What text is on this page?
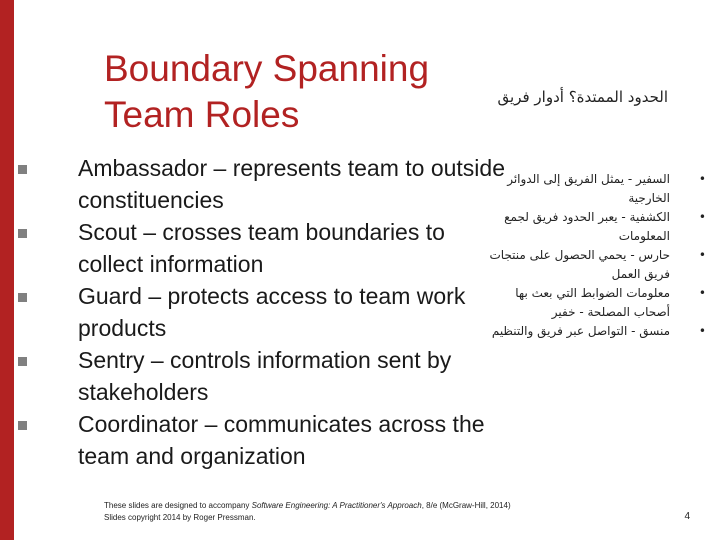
Boundary Spanning
Team Roles	الحدود الممتدة؟ أدوار فريق
Ambassador – represents team to outside constituencies
Scout – crosses team boundaries to collect information
Guard – protects access to team work products
Sentry – controls information sent by stakeholders
Coordinator – communicates across the team and organization
•
السفير - يمثل الفريق إلى الدوائر الخارجية
•
الكشفية - يعبر الحدود فريق لجمع المعلومات
•
حارس - يحمي الحصول على منتجات فريق العمل
•
معلومات الضوابط التي بعث بها أصحاب المصلحة - خفير
•
منسق - التواصل عبر فريق والتنظيم
These slides are designed to accompany Software Engineering: A Practitioner's Approach, 8/e (McGraw-Hill, 2014) Slides copyright 2014 by Roger Pressman.	4
